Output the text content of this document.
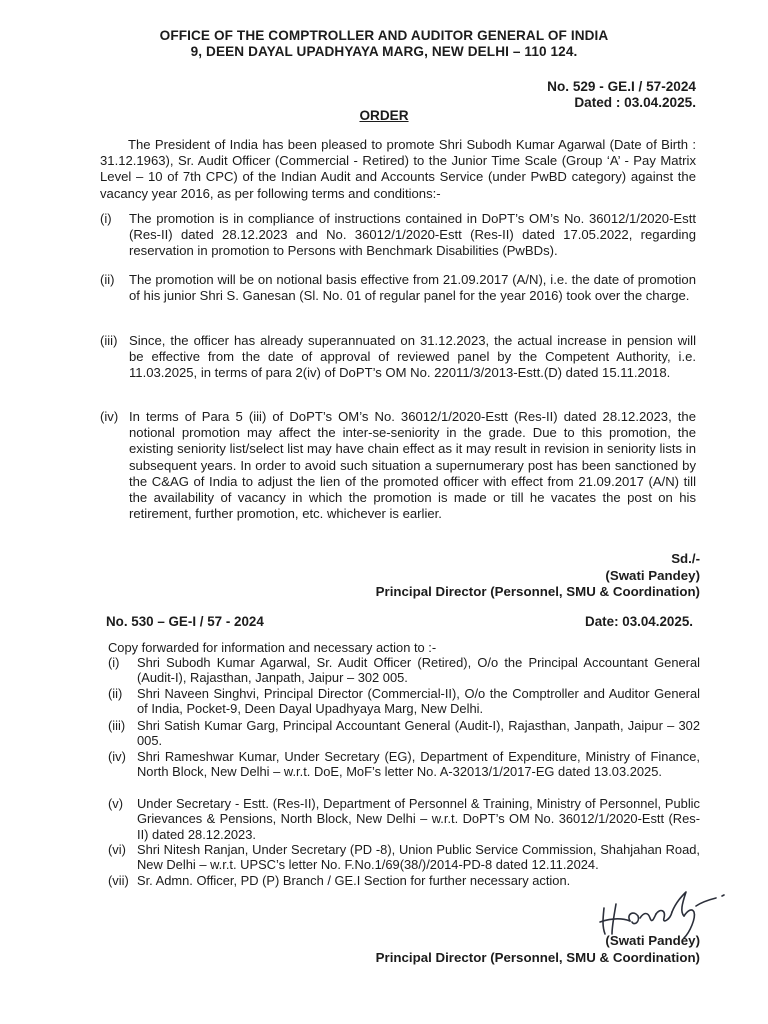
OFFICE OF THE COMPTROLLER AND AUDITOR GENERAL OF INDIA
9, DEEN DAYAL UPADHYAYA MARG, NEW DELHI – 110 124.
No. 529 - GE.I / 57-2024
Dated : 03.04.2025.
ORDER
The President of India has been pleased to promote Shri Subodh Kumar Agarwal (Date of Birth : 31.12.1963), Sr. Audit Officer (Commercial - Retired) to the Junior Time Scale (Group ‘A’ - Pay Matrix Level – 10 of 7th CPC) of the Indian Audit and Accounts Service (under PwBD category) against the vacancy year 2016, as per following terms and conditions:-
(i) The promotion is in compliance of instructions contained in DoPT’s OM’s No. 36012/1/2020-Estt (Res-II) dated 28.12.2023 and No. 36012/1/2020-Estt (Res-II) dated 17.05.2022, regarding reservation in promotion to Persons with Benchmark Disabilities (PwBDs).
(ii) The promotion will be on notional basis effective from 21.09.2017 (A/N), i.e. the date of promotion of his junior Shri S. Ganesan (Sl. No. 01 of regular panel for the year 2016) took over the charge.
(iii) Since, the officer has already superannuated on 31.12.2023, the actual increase in pension will be effective from the date of approval of reviewed panel by the Competent Authority, i.e. 11.03.2025, in terms of para 2(iv) of DoPT’s OM No. 22011/3/2013-Estt.(D) dated 15.11.2018.
(iv) In terms of Para 5 (iii) of DoPT’s OM’s No. 36012/1/2020-Estt (Res-II) dated 28.12.2023, the notional promotion may affect the inter-se-seniority in the grade. Due to this promotion, the existing seniority list/select list may have chain effect as it may result in revision in seniority lists in subsequent years. In order to avoid such situation a supernumerary post has been sanctioned by the C&AG of India to adjust the lien of the promoted officer with effect from 21.09.2017 (A/N) till the availability of vacancy in which the promotion is made or till he vacates the post on his retirement, further promotion, etc. whichever is earlier.
Sd./-
(Swati Pandey)
Principal Director (Personnel, SMU & Coordination)
No. 530 – GE-I / 57 - 2024	Date: 03.04.2025.
Copy forwarded for information and necessary action to :-
(i) Shri Subodh Kumar Agarwal, Sr. Audit Officer (Retired), O/o the Principal Accountant General (Audit-I), Rajasthan, Janpath, Jaipur – 302 005.
(ii) Shri Naveen Singhvi, Principal Director (Commercial-II), O/o the Comptroller and Auditor General of India, Pocket-9, Deen Dayal Upadhyaya Marg, New Delhi.
(iii) Shri Satish Kumar Garg, Principal Accountant General (Audit-I), Rajasthan, Janpath, Jaipur – 302 005.
(iv) Shri Rameshwar Kumar, Under Secretary (EG), Department of Expenditure, Ministry of Finance, North Block, New Delhi – w.r.t. DoE, MoF’s letter No. A-32013/1/2017-EG dated 13.03.2025.
(v) Under Secretary - Estt. (Res-II), Department of Personnel & Training, Ministry of Personnel, Public Grievances & Pensions, North Block, New Delhi – w.r.t. DoPT’s OM No. 36012/1/2020-Estt (Res-II) dated 28.12.2023.
(vi) Shri Nitesh Ranjan, Under Secretary (PD -8), Union Public Service Commission, Shahjahan Road, New Delhi – w.r.t. UPSC’s letter No. F.No.1/69(38/)/2014-PD-8 dated 12.11.2024.
(vii) Sr. Admn. Officer, PD (P) Branch / GE.I Section for further necessary action.
(Swati Pandey)
Principal Director (Personnel, SMU & Coordination)
